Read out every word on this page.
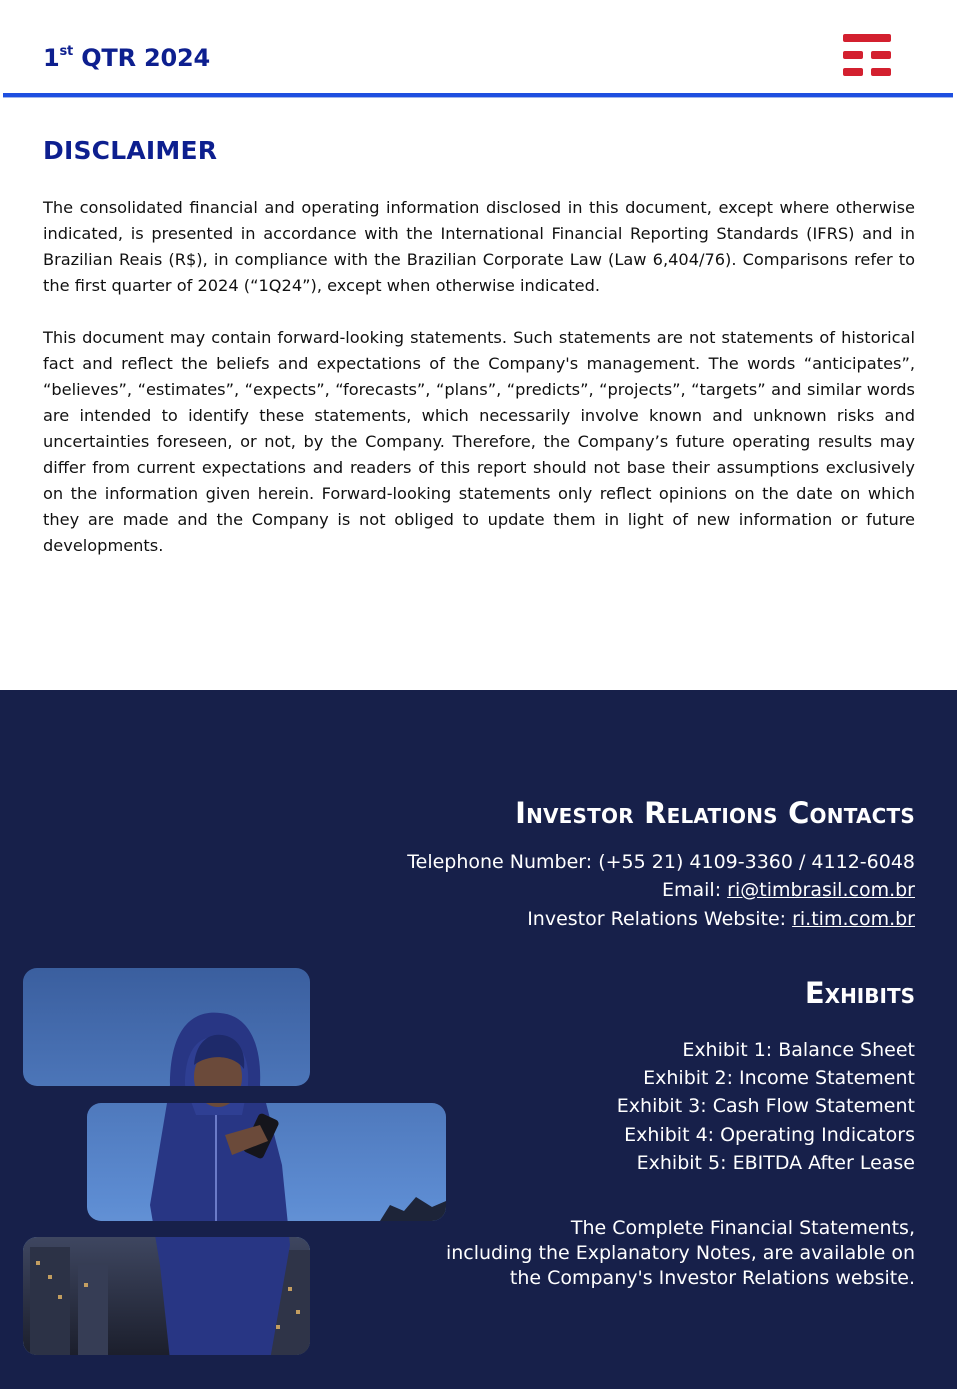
1st QTR 2024
DISCLAIMER

The consolidated financial and operating information disclosed in this document, except where otherwise indicated, is presented in accordance with the International Financial Reporting Standards (IFRS) and in Brazilian Reais (R$), in compliance with the Brazilian Corporate Law (Law 6,404/76). Comparisons refer to the first quarter of 2024 (“1Q24”), except when otherwise indicated.

This document may contain forward-looking statements. Such statements are not statements of historical fact and reflect the beliefs and expectations of the Company's management. The words “anticipates”, “believes”, “estimates”, “expects”, “forecasts”, “plans”, “predicts”, “projects”, “targets” and similar words are intended to identify these statements, which necessarily involve known and unknown risks and uncertainties foreseen, or not, by the Company. Therefore, the Company’s future operating results may differ from current expectations and readers of this report should not base their assumptions exclusively on the information given herein. Forward-looking statements only reflect opinions on the date on which they are made and the Company is not obliged to update them in light of new information or future developments.

Investor Relations Contacts
Telephone Number: (+55 21) 4109-3360 / 4112-6048
Email: ri@timbrasil.com.br
Investor Relations Website: ri.tim.com.br
Exhibits
Exhibit 1: Balance Sheet
Exhibit 2: Income Statement
Exhibit 3: Cash Flow Statement
Exhibit 4: Operating Indicators
Exhibit 5: EBITDA After Lease
The Complete Financial Statements,
including the Explanatory Notes, are available on
the Company's Investor Relations website.
